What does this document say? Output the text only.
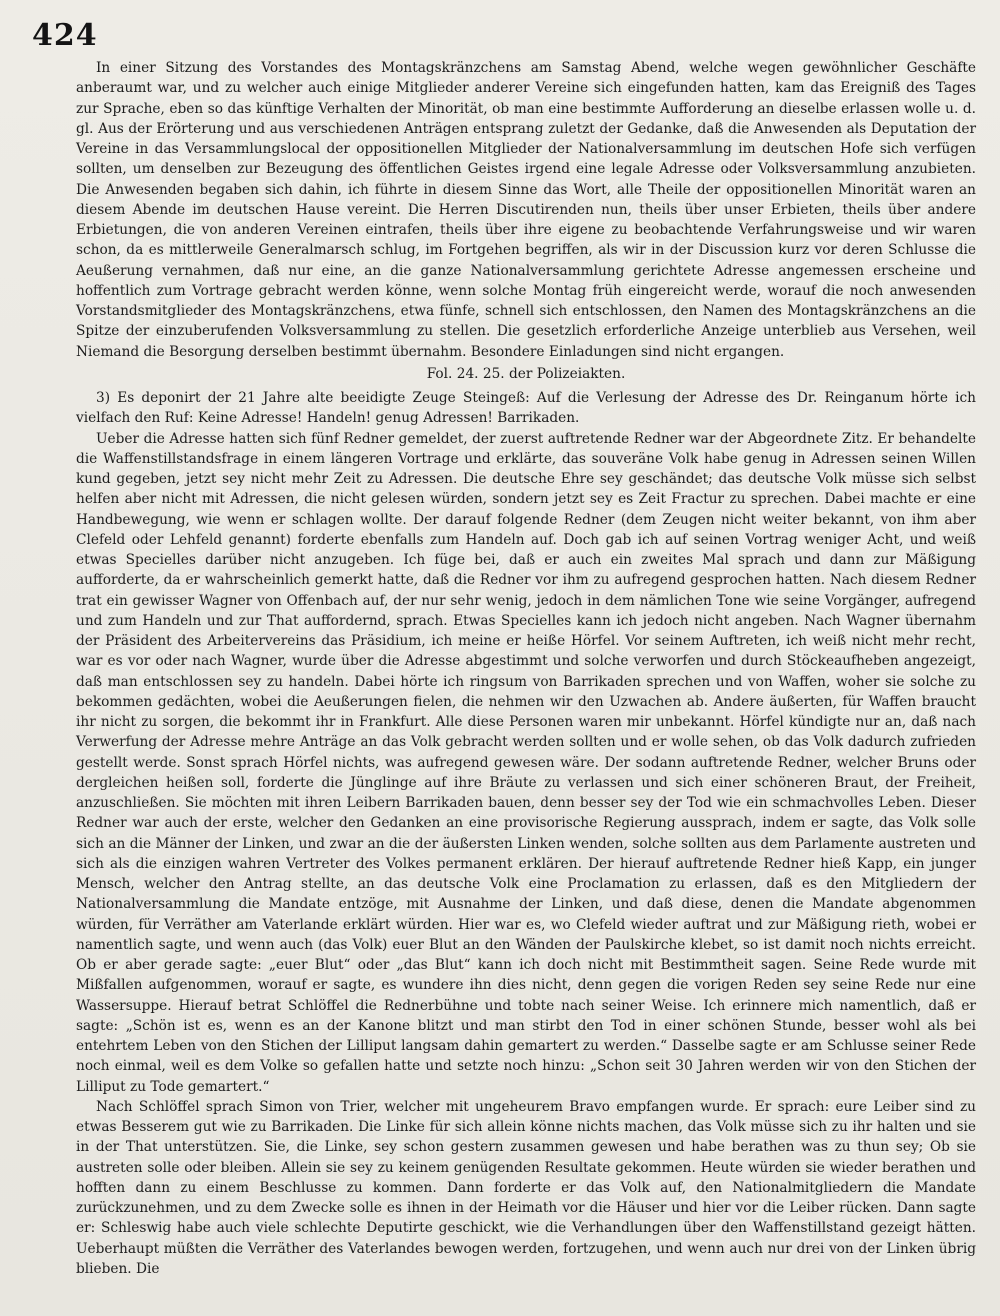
424

In einer Sitzung des Vorstandes des Montagskränzchens am Samstag Abend, welche wegen gewöhnlicher Geschäfte anberaumt war, und zu welcher auch einige Mitglieder anderer Vereine sich eingefunden hatten, kam das Ereigniß des Tages zur Sprache, eben so das künftige Verhalten der Minorität, ob man eine bestimmte Aufforderung an dieselbe erlassen wolle u. d. gl. Aus der Erörterung und aus verschiedenen Anträgen entsprang zuletzt der Gedanke, daß die Anwesenden als Deputation der Vereine in das Versammlungslocal der oppositionellen Mitglieder der Nationalversammlung im deutschen Hofe sich verfügen sollten, um denselben zur Bezeugung des öffentlichen Geistes irgend eine legale Adresse oder Volksversammlung anzubieten. Die Anwesenden begaben sich dahin, ich führte in diesem Sinne das Wort, alle Theile der oppositionellen Minorität waren an diesem Abende im deutschen Hause vereint. Die Herren Discutirenden nun, theils über unser Erbieten, theils über andere Erbietungen, die von anderen Vereinen eintrafen, theils über ihre eigene zu beobachtende Verfahrungsweise und wir waren schon, da es mittlerweile Generalmarsch schlug, im Fortgehen begriffen, als wir in der Discussion kurz vor deren Schlusse die Aeußerung vernahmen, daß nur eine, an die ganze Nationalversammlung gerichtete Adresse angemessen erscheine und hoffentlich zum Vortrage gebracht werden könne, wenn solche Montag früh eingereicht werde, worauf die noch anwesenden Vorstandsmitglieder des Montagskränzchens, etwa fünfe, schnell sich entschlossen, den Namen des Montagskränzchens an die Spitze der einzuberufenden Volksversammlung zu stellen. Die gesetzlich erforderliche Anzeige unterblieb aus Versehen, weil Niemand die Besorgung derselben bestimmt übernahm. Besondere Einladungen sind nicht ergangen.

Fol. 24. 25. der Polizeiakten.

3) Es deponirt der 21 Jahre alte beeidigte Zeuge Steingeß: Auf die Verlesung der Adresse des Dr. Reinganum hörte ich vielfach den Ruf: Keine Adresse! Handeln! genug Adressen! Barrikaden.

Ueber die Adresse hatten sich fünf Redner gemeldet, der zuerst auftretende Redner war der Abgeordnete Zitz. Er behandelte die Waffenstillstandsfrage in einem längeren Vortrage und erklärte, das souveräne Volk habe genug in Adressen seinen Willen kund gegeben, jetzt sey nicht mehr Zeit zu Adressen. Die deutsche Ehre sey geschändet; das deutsche Volk müsse sich selbst helfen aber nicht mit Adressen, die nicht gelesen würden, sondern jetzt sey es Zeit Fractur zu sprechen. Dabei machte er eine Handbewegung, wie wenn er schlagen wollte. Der darauf folgende Redner (dem Zeugen nicht weiter bekannt, von ihm aber Clefeld oder Lehfeld genannt) forderte ebenfalls zum Handeln auf. Doch gab ich auf seinen Vortrag weniger Acht, und weiß etwas Specielles darüber nicht anzugeben. Ich füge bei, daß er auch ein zweites Mal sprach und dann zur Mäßigung aufforderte, da er wahrscheinlich gemerkt hatte, daß die Redner vor ihm zu aufregend gesprochen hatten. Nach diesem Redner trat ein gewisser Wagner von Offenbach auf, der nur sehr wenig, jedoch in dem nämlichen Tone wie seine Vorgänger, aufregend und zum Handeln und zur That auffordernd, sprach. Etwas Specielles kann ich jedoch nicht angeben. Nach Wagner übernahm der Präsident des Arbeitervereins das Präsidium, ich meine er heiße Hörfel. Vor seinem Auftreten, ich weiß nicht mehr recht, war es vor oder nach Wagner, wurde über die Adresse abgestimmt und solche verworfen und durch Stöckeaufheben angezeigt, daß man entschlossen sey zu handeln. Dabei hörte ich ringsum von Barrikaden sprechen und von Waffen, woher sie solche zu bekommen gedächten, wobei die Aeußerungen fielen, die nehmen wir den Uzwachen ab. Andere äußerten, für Waffen braucht ihr nicht zu sorgen, die bekommt ihr in Frankfurt. Alle diese Personen waren mir unbekannt. Hörfel kündigte nur an, daß nach Verwerfung der Adresse mehre Anträge an das Volk gebracht werden sollten und er wolle sehen, ob das Volk dadurch zufrieden gestellt werde. Sonst sprach Hörfel nichts, was aufregend gewesen wäre. Der sodann auftretende Redner, welcher Bruns oder dergleichen heißen soll, forderte die Jünglinge auf ihre Bräute zu verlassen und sich einer schöneren Braut, der Freiheit, anzuschließen. Sie möchten mit ihren Leibern Barrikaden bauen, denn besser sey der Tod wie ein schmachvolles Leben. Dieser Redner war auch der erste, welcher den Gedanken an eine provisorische Regierung aussprach, indem er sagte, das Volk solle sich an die Männer der Linken, und zwar an die der äußersten Linken wenden, solche sollten aus dem Parlamente austreten und sich als die einzigen wahren Vertreter des Volkes permanent erklären. Der hierauf auftretende Redner hieß Kapp, ein junger Mensch, welcher den Antrag stellte, an das deutsche Volk eine Proclamation zu erlassen, daß es den Mitgliedern der Nationalversammlung die Mandate entzöge, mit Ausnahme der Linken, und daß diese, denen die Mandate abgenommen würden, für Verräther am Vaterlande erklärt würden. Hier war es, wo Clefeld wieder auftrat und zur Mäßigung rieth, wobei er namentlich sagte, und wenn auch (das Volk) euer Blut an den Wänden der Paulskirche klebet, so ist damit noch nichts erreicht. Ob er aber gerade sagte: „euer Blut“ oder „das Blut“ kann ich doch nicht mit Bestimmtheit sagen. Seine Rede wurde mit Mißfallen aufgenommen, worauf er sagte, es wundere ihn dies nicht, denn gegen die vorigen Reden sey seine Rede nur eine Wassersuppe. Hierauf betrat Schlöffel die Rednerbühne und tobte nach seiner Weise. Ich erinnere mich namentlich, daß er sagte: „Schön ist es, wenn es an der Kanone blitzt und man stirbt den Tod in einer schönen Stunde, besser wohl als bei entehrtem Leben von den Stichen der Lilliput langsam dahin gemartert zu werden.“ Dasselbe sagte er am Schlusse seiner Rede noch einmal, weil es dem Volke so gefallen hatte und setzte noch hinzu: „Schon seit 30 Jahren werden wir von den Stichen der Lilliput zu Tode gemartert.“

Nach Schlöffel sprach Simon von Trier, welcher mit ungeheurem Bravo empfangen wurde. Er sprach: eure Leiber sind zu etwas Besserem gut wie zu Barrikaden. Die Linke für sich allein könne nichts machen, das Volk müsse sich zu ihr halten und sie in der That unterstützen. Sie, die Linke, sey schon gestern zusammen gewesen und habe berathen was zu thun sey; Ob sie austreten solle oder bleiben. Allein sie sey zu keinem genügenden Resultate gekommen. Heute würden sie wieder berathen und hofften dann zu einem Beschlusse zu kommen. Dann forderte er das Volk auf, den Nationalmitgliedern die Mandate zurückzunehmen, und zu dem Zwecke solle es ihnen in der Heimath vor die Häuser und hier vor die Leiber rücken. Dann sagte er: Schleswig habe auch viele schlechte Deputirte geschickt, wie die Verhandlungen über den Waffenstillstand gezeigt hätten. Ueberhaupt müßten die Verräther des Vaterlandes bewogen werden, fortzugehen, und wenn auch nur drei von der Linken übrig blieben. Die
